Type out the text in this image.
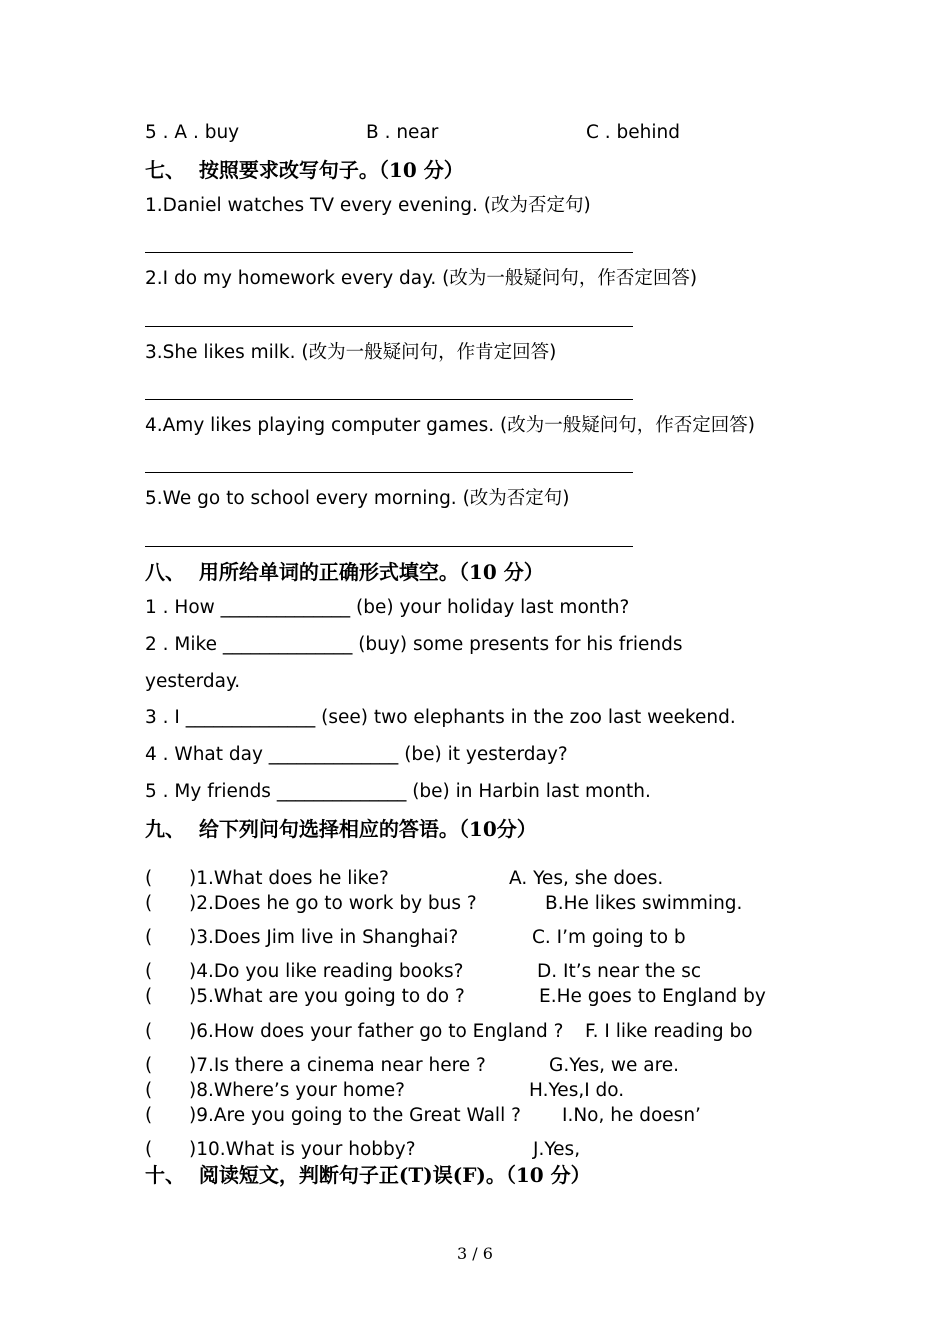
5 . A . buy	B . near	C . behind
七、  按照要求改写句子。（10 分）
1.Daniel watches TV every evening. (改为否定句)
2.I do my homework every day. (改为一般疑问句，作否定回答)
3.She likes milk. (改为一般疑问句，作肯定回答)
4.Amy likes playing computer games. (改为一般疑问句，作否定回答)
5.We go to school every morning. (改为否定句)
八、  用所给单词的正确形式填空。（10 分）
1 . How ______________ (be) your holiday last month?
2 . Mike ______________ (buy) some presents for his friends
yesterday.
3 . I ______________ (see) two elephants in the zoo last weekend.
4 . What day ______________ (be) it yesterday?
5 . My friends ______________ (be) in Harbin last month.
九、  给下列问句选择相应的答语。（10分）
( )1.What does he like?	A. Yes, she does.
( )2.Does he go to work by bus ?	B.He likes swimming.
( )3.Does Jim live in Shanghai?	C. I’m going to b
( )4.Do you like reading books?	D. It’s near the sc
( )5.What are you going to do ?	E.He goes to England by
( )6.How does your father go to England ? F. I like reading bo
( )7.Is there a cinema near here ?	G.Yes, we are.
( )8.Where’s your home?	H.Yes,I do.
( )9.Are you going to the Great Wall ? I.No, he doesn’
( )10.What is your hobby?	J.Yes,
十、  阅读短文，判断句子正(T)误(F)。（10 分）
3 / 6
